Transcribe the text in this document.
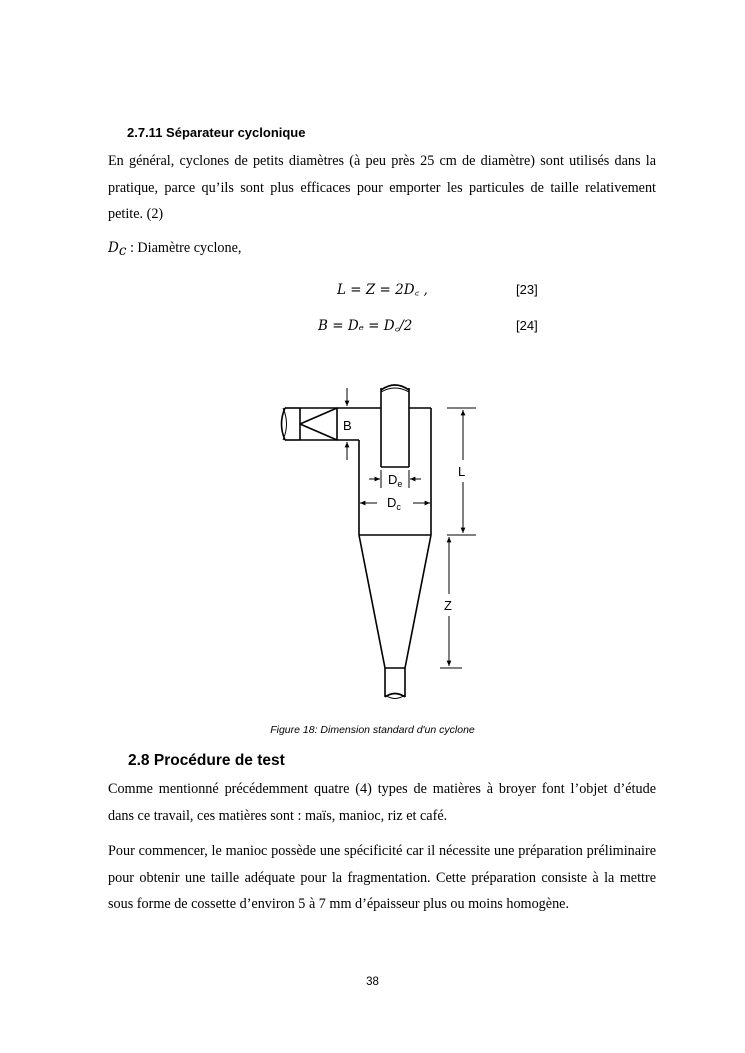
2.7.11 Séparateur cyclonique
En général, cyclones de petits diamètres (à peu près 25 cm de diamètre) sont utilisés dans la pratique, parce qu’ils sont plus efficaces pour emporter les particules de taille relativement petite. (2)
$D_c$ : Diamètre cyclone,
L = Z = 2D꜀ ,	[23]
B = Dₑ = D꜀/2	[24]
B
$D_e$
$D_c$
L
Z
Figure 18: Dimension standard d'un cyclone
2.8 Procédure de test
Comme mentionné précédemment quatre (4) types de matières à broyer font l’objet d’étude dans ce travail, ces matières sont : maïs, manioc, riz et café.
Pour commencer, le manioc possède une spécificité car il nécessite une préparation préliminaire pour obtenir une taille adéquate pour la fragmentation. Cette préparation consiste à la mettre sous forme de cossette d’environ 5 à 7 mm d’épaisseur plus ou moins homogène.
38
